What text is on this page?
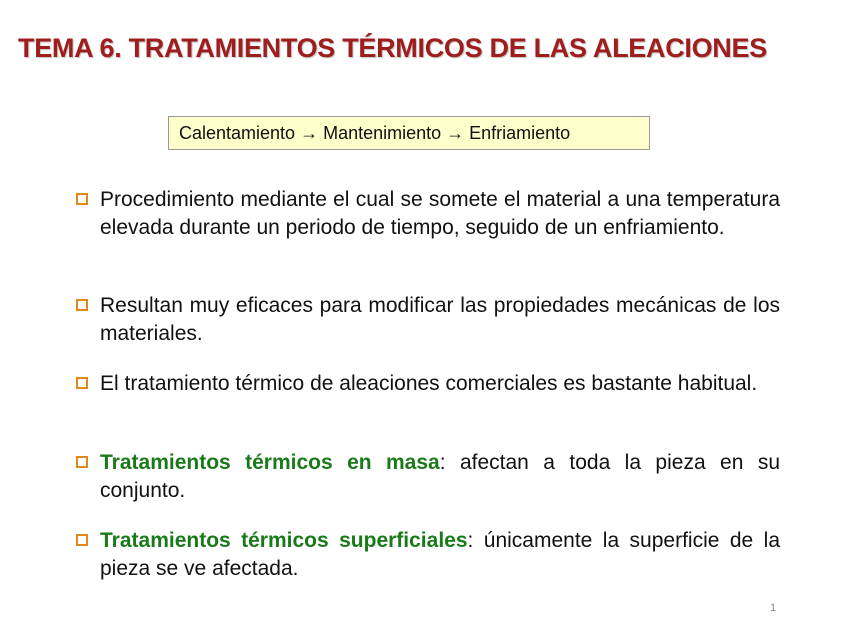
TEMA 6. TRATAMIENTOS TÉRMICOS DE LAS ALEACIONES
Calentamiento → Mantenimiento → Enfriamiento
Procedimiento mediante el cual se somete el material a una temperatura elevada durante un periodo de tiempo, seguido de un enfriamiento.
Resultan muy eficaces para modificar las propiedades mecánicas de los materiales.
El tratamiento térmico de aleaciones comerciales es bastante habitual.
Tratamientos térmicos en masa: afectan a toda la pieza en su conjunto.
Tratamientos térmicos superficiales: únicamente la superficie de la pieza se ve afectada.
1
